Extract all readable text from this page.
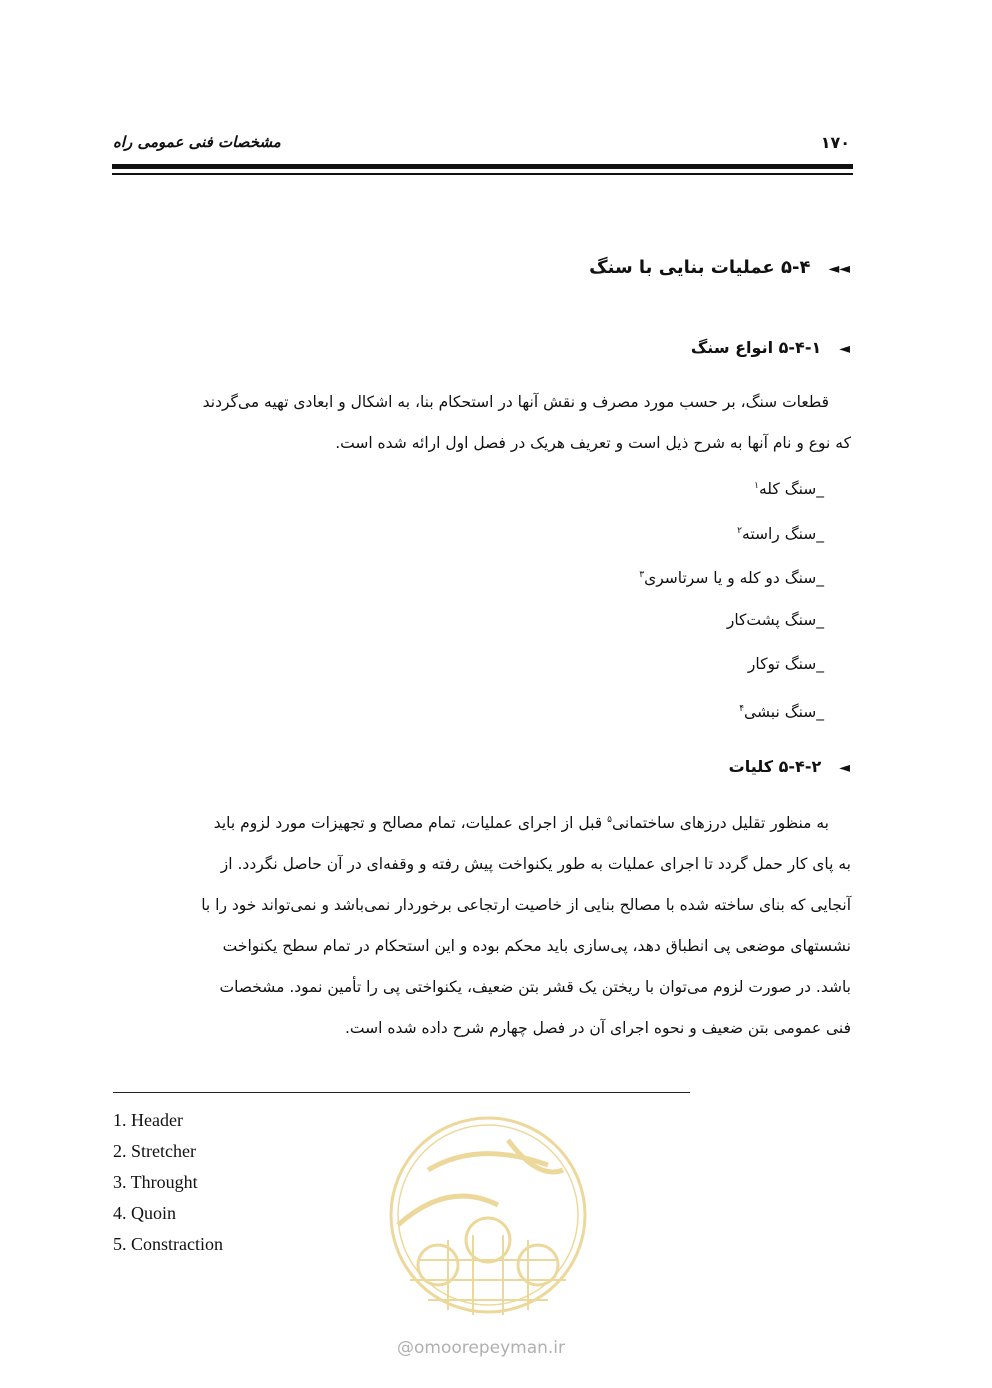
مشخصات فنی عمومی راه	۱۷۰
◄◄۵-۴ عملیات بنایی با سنگ
◄۵-۴-۱ انواع سنگ

قطعات سنگ، بر حسب مورد مصرف و نقش آنها در استحکام بنا، به اشکال و ابعادی تهیه می‌گردند

که نوع و نام آنها به شرح ذیل است و تعریف هریک در فصل اول ارائه شده است.

_سنگ کله$^۱$
_سنگ راسته$^۲$
_سنگ دو کله و یا سرتاسری$^۳$
_سنگ پشت‌کار
_سنگ توکار
_سنگ نبشی$^۴$
◄۵-۴-۲ کلیات

به منظور تقلیل درزهای ساختمانی$^۵$ قبل از اجرای عملیات، تمام مصالح و تجهیزات مورد لزوم باید

به پای کار حمل گردد تا اجرای عملیات به طور یکنواخت پیش رفته و وقفه‌ای در آن حاصل نگردد. از

آنجایی که بنای ساخته شده با مصالح بنایی از خاصیت ارتجاعی برخوردار نمی‌باشد و نمی‌تواند خود را با

نشستهای موضعی پی انطباق دهد، پی‌سازی باید محکم بوده و این استحکام در تمام سطح یکنواخت

باشد. در صورت لزوم می‌توان با ریختن یک قشر بتن ضعیف، یکنواختی پی را تأمین نمود. مشخصات

فنی عمومی بتن ضعیف و نحوه اجرای آن در فصل چهارم شرح داده شده است.

1. Header
2. Stretcher
3. Throught
4. Quoin
5. Constraction
@omoorepeyman.ir
